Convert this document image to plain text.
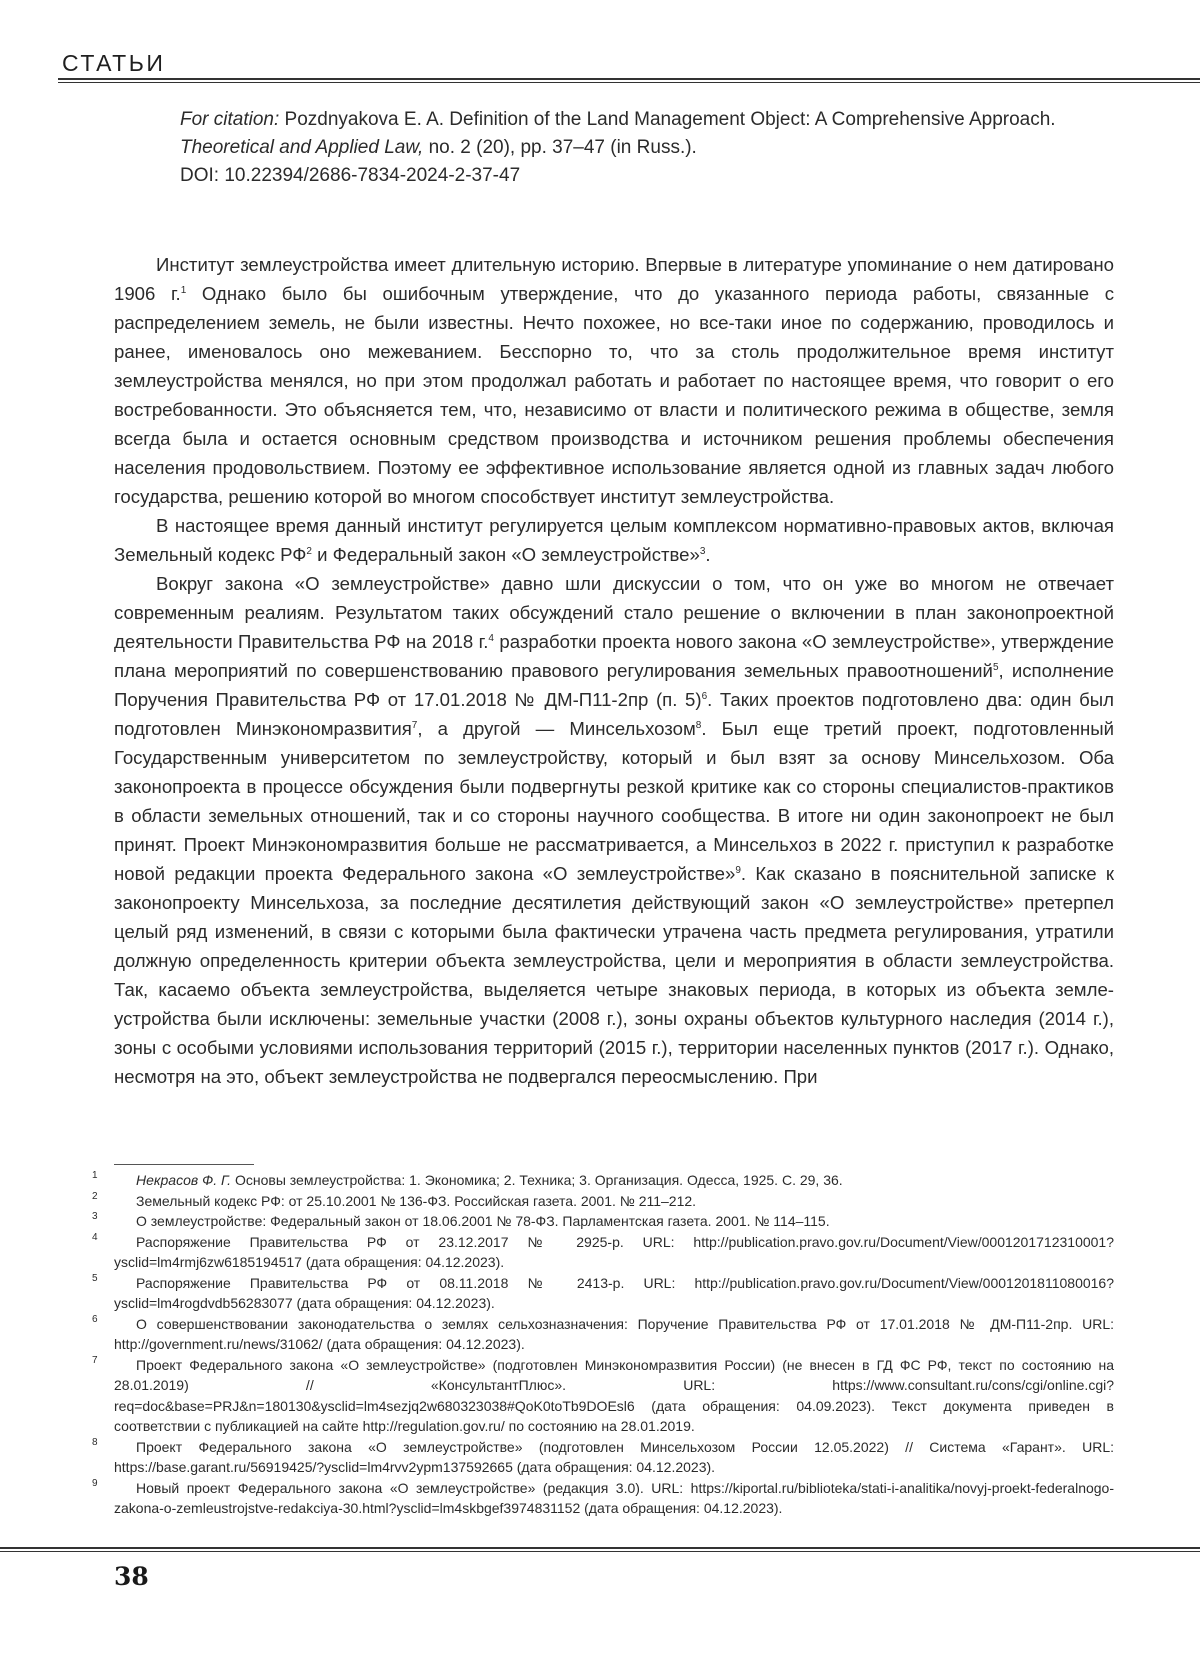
СТАТЬИ
For citation: Pozdnyakova E. A. Definition of the Land Management Object: A Comprehensive Approach.
Theoretical and Applied Law, no. 2 (20), pp. 37–47 (in Russ.).
DOI: 10.22394/2686-7834-2024-2-37-47

Институт землеустройства имеет длительную историю. Впервые в литературе упоминание о нем датировано 1906 г.1 Однако было бы ошибочным утверждение, что до указанного периода работы, свя­занные с распределением земель, не были известны. Нечто похожее, но все-таки иное по содержанию, проводилось и ранее, именовалось оно межеванием. Бесспорно то, что за столь продолжительное вре­мя институт землеустройства менялся, но при этом продолжал работать и работает по настоящее время, что говорит о его востребованности. Это объясняется тем, что, независимо от власти и политического режима в обществе, земля всегда была и остается основным средством производства и источником ре­шения проблемы обеспечения населения продовольствием. Поэтому ее эффективное использование является одной из главных задач любого государства, решению которой во многом способствует инсти­тут землеустройства.

В настоящее время данный институт регулируется целым комплексом нормативно-правовых актов, включая Земельный кодекс РФ2 и Федеральный закон «О землеустройстве»3.

Вокруг закона «О землеустройстве» давно шли дискуссии о том, что он уже во многом не отвечает современным реалиям. Результатом таких обсуждений стало решение о включении в план законопроект­ной деятельности Правительства РФ на 2018 г.4 разработки проекта нового закона «О землеустройстве», утверждение плана мероприятий по совершенствованию правового регулирования земельных правоот­ношений5, исполнение Поручения Правительства РФ от 17.01.2018 № ДМ-П11-2пр (п. 5)6. Таких проектов подготовлено два: один был подготовлен Минэкономразвития7, а другой — Минсельхозом8. Был еще третий проект, подготовленный Государственным университетом по землеустройству, который и был взят за основу Минсельхозом. Оба законопроекта в процессе обсуждения были подвергнуты резкой кри­тике как со стороны специалистов-практиков в области земельных отношений, так и со стороны научного сообщества. В итоге ни один законопроект не был принят. Проект Минэкономразвития больше не рас­сматривается, а Минсельхоз в 2022 г. приступил к разработке новой редакции проекта Федерального закона «О землеустройстве»9. Как сказано в пояснительной записке к законопроекту Минсельхоза, за последние десятилетия действующий закон «О землеустройстве» претерпел целый ряд изменений, в связи с которыми была фактически утрачена часть предмета регулирования, утратили должную опре­деленность критерии объекта землеустройства, цели и мероприятия в области землеустройства. Так, касаемо объекта землеустройства, выделяется четыре знаковых периода, в которых из объекта земле­устройства были исключены: земельные участки (2008 г.), зоны охраны объектов культурного наследия (2014 г.), зоны с особыми условиями использования территорий (2015 г.), территории населенных пун­ктов (2017 г.). Однако, несмотря на это, объект землеустройства не подвергался переосмыслению. При

1	Некрасов Ф. Г. Основы землеустройства: 1. Экономика; 2. Техника; 3. Организация. Одесса, 1925. С. 29, 36.

2	Земельный кодекс РФ: от 25.10.2001 № 136-ФЗ. Российская газета. 2001. № 211–212.

3	О землеустройстве: Федеральный закон от 18.06.2001 № 78-ФЗ. Парламентская газета. 2001. № 114–115.

4	Распоряжение Правительства РФ от 23.12.2017 № 2925-р. URL: http://publication.pravo.gov.ru/Document/View/0001201712310001?ysclid=lm4rmj6zw6185194517 (дата обращения: 04.12.2023).

5	Распоряжение Правительства РФ от 08.11.2018 № 2413-р. URL: http://publication.pravo.gov.ru/Document/View/0001201811080016?ysclid=lm4rogdvdb56283077 (дата обращения: 04.12.2023).

6	О совершенствовании законодательства о землях сельхозназначения: Поручение Правительства РФ от 17.01.2018 № ДМ-П11-2пр. URL: http://government.ru/news/31062/ (дата обращения: 04.12.2023).

7	Проект Федерального закона «О землеустройстве» (подготовлен Минэкономразвития России) (не внесен в ГД ФС РФ, текст по состоянию на 28.01.2019) // «КонсультантПлюс». URL: https://www.consultant.ru/cons/cgi/online.cgi?req=doc&base=PRJ&n=180130&ysclid=lm4sezjq2w680323038#QoK0toTb9DOEsl6 (дата обращения: 04.09.2023). Текст документа приведен в соответствии с публикацией на сайте http://regulation.gov.ru/ по состоянию на 28.01.2019.

8	Проект Федерального закона «О землеустройстве» (подготовлен Минсельхозом России 12.05.2022) // Система «Гарант». URL: https://base.garant.ru/56919425/?ysclid=lm4rvv2ypm137592665 (дата обращения: 04.12.2023).

9	Новый проект Федерального закона «О землеустройстве» (редакция 3.0). URL: https://kiportal.ru/biblioteka/stati-i-analitika/novyj-proekt-federalnogo-zakona-o-zemleustrojstve-redakciya-30.html?ysclid=lm4skbgef3974831152 (дата обращения: 04.12.2023).

38
